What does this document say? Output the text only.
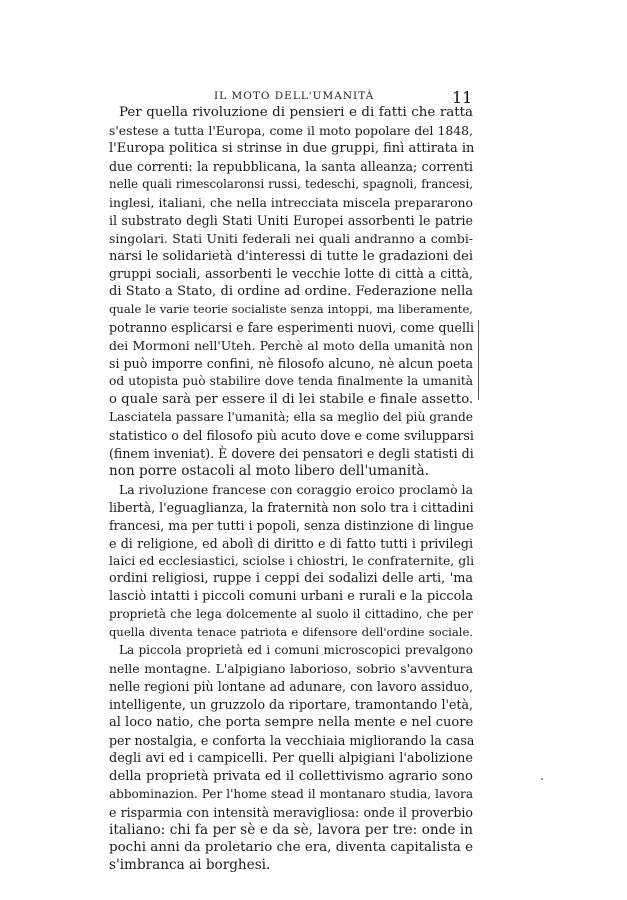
IL MOTO DELL'UMANITÀ	11
Per quella rivoluzione di pensieri e di fatti che ratta
s'estese a tutta l'Europa, come il moto popolare del 1848,
l'Europa politica si strinse in due gruppi, finì attirata in
due correnti: la repubblicana, la santa alleanza; correnti
nelle quali rimescolaronsi russi, tedeschi, spagnoli, francesi,
inglesi, italiani, che nella intrecciata miscela prepararono
il substrato degli Stati Uniti Europei assorbenti le patrie
singolari. Stati Uniti federali nei quali andranno a combi-
narsi le solidarietà d'interessi di tutte le gradazioni dei
gruppi sociali, assorbenti le vecchie lotte di città a città,
di Stato a Stato, di ordine ad ordine. Federazione nella
quale le varie teorie socialiste senza intoppi, ma liberamente,
potranno esplicarsi e fare esperimenti nuovi, come quelli
dei Mormoni nell'Uteh. Perchè al moto della umanità non
si può imporre confini, nè filosofo alcuno, nè alcun poeta
od utopista può stabilire dove tenda finalmente la umanità
o quale sarà per essere il di lei stabile e finale assetto.
Lasciatela passare l'umanità; ella sa meglio del più grande
statistico o del filosofo più acuto dove e come svilupparsi
(finem inveniat). È dovere dei pensatori e degli statisti di
non porre ostacoli al moto libero dell'umanità.
La rivoluzione francese con coraggio eroico proclamò la
libertà, l'eguaglianza, la fraternità non solo tra i cittadini
francesi, ma per tutti i popoli, senza distinzione di lingue
e di religione, ed abolì di diritto e di fatto tutti i privilegi
laici ed ecclesiastici, sciolse i chiostri, le confraternite, gli
ordini religiosi, ruppe i ceppi dei sodalizi delle arti, 'ma
lasciò intatti i piccoli comuni urbani e rurali e la piccola
proprietà che lega dolcemente al suolo il cittadino, che per
quella diventa tenace patriota e difensore dell'ordine sociale.
La piccola proprietà ed i comuni microscopici prevalgono
nelle montagne. L'alpigiano laborioso, sobrio s'avventura
nelle regioni più lontane ad adunare, con lavoro assiduo,
intelligente, un gruzzolo da riportare, tramontando l'età,
al loco natio, che porta sempre nella mente e nel cuore
per nostalgia, e conforta la vecchiaia migliorando la casa
degli avi ed i campicelli. Per quelli alpigiani l'abolizione
della proprietà privata ed il collettivismo agrario sono
abbominazion. Per l'home stead il montanaro studia, lavora
e risparmia con intensità meravigliosa: onde il proverbio
italiano: chi fa per sè e da sè, lavora per tre: onde in
pochi anni da proletario che era, diventa capitalista e
s'imbranca ai borghesi.
